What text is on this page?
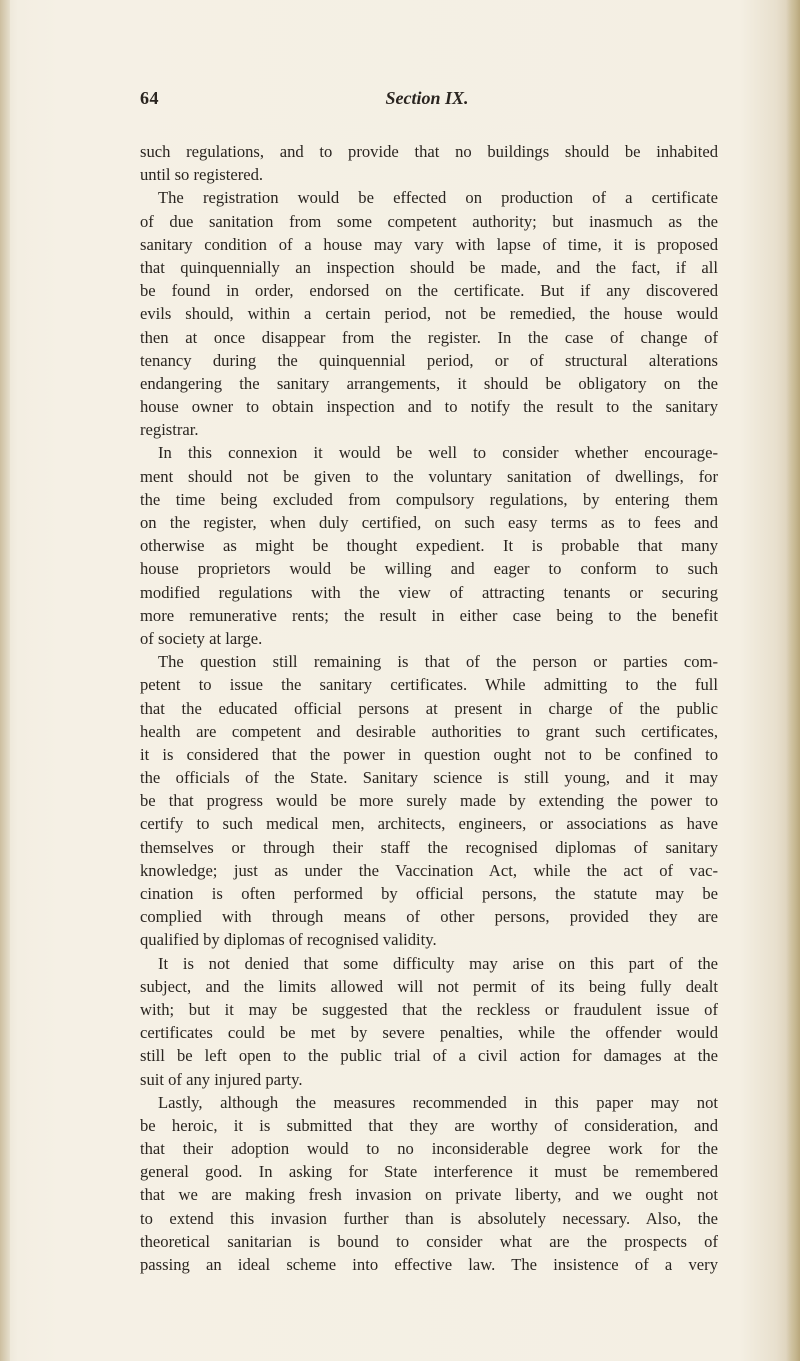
64	Section IX.
such regulations, and to provide that no buildings should be inhabited
until so registered.
The registration would be effected on production of a certificate
of due sanitation from some competent authority; but inasmuch as the
sanitary condition of a house may vary with lapse of time, it is proposed
that quinquennially an inspection should be made, and the fact, if all
be found in order, endorsed on the certificate. But if any discovered
evils should, within a certain period, not be remedied, the house would
then at once disappear from the register. In the case of change of
tenancy during the quinquennial period, or of structural alterations
endangering the sanitary arrangements, it should be obligatory on the
house owner to obtain inspection and to notify the result to the sanitary
registrar.
In this connexion it would be well to consider whether encourage-
ment should not be given to the voluntary sanitation of dwellings, for
the time being excluded from compulsory regulations, by entering them
on the register, when duly certified, on such easy terms as to fees and
otherwise as might be thought expedient. It is probable that many
house proprietors would be willing and eager to conform to such
modified regulations with the view of attracting tenants or securing
more remunerative rents; the result in either case being to the benefit
of society at large.
The question still remaining is that of the person or parties com-
petent to issue the sanitary certificates. While admitting to the full
that the educated official persons at present in charge of the public
health are competent and desirable authorities to grant such certificates,
it is considered that the power in question ought not to be confined to
the officials of the State. Sanitary science is still young, and it may
be that progress would be more surely made by extending the power to
certify to such medical men, architects, engineers, or associations as have
themselves or through their staff the recognised diplomas of sanitary
knowledge; just as under the Vaccination Act, while the act of vac-
cination is often performed by official persons, the statute may be
complied with through means of other persons, provided they are
qualified by diplomas of recognised validity.
It is not denied that some difficulty may arise on this part of the
subject, and the limits allowed will not permit of its being fully dealt
with; but it may be suggested that the reckless or fraudulent issue of
certificates could be met by severe penalties, while the offender would
still be left open to the public trial of a civil action for damages at the
suit of any injured party.
Lastly, although the measures recommended in this paper may not
be heroic, it is submitted that they are worthy of consideration, and
that their adoption would to no inconsiderable degree work for the
general good. In asking for State interference it must be remembered
that we are making fresh invasion on private liberty, and we ought not
to extend this invasion further than is absolutely necessary. Also, the
theoretical sanitarian is bound to consider what are the prospects of
passing an ideal scheme into effective law. The insistence of a very
